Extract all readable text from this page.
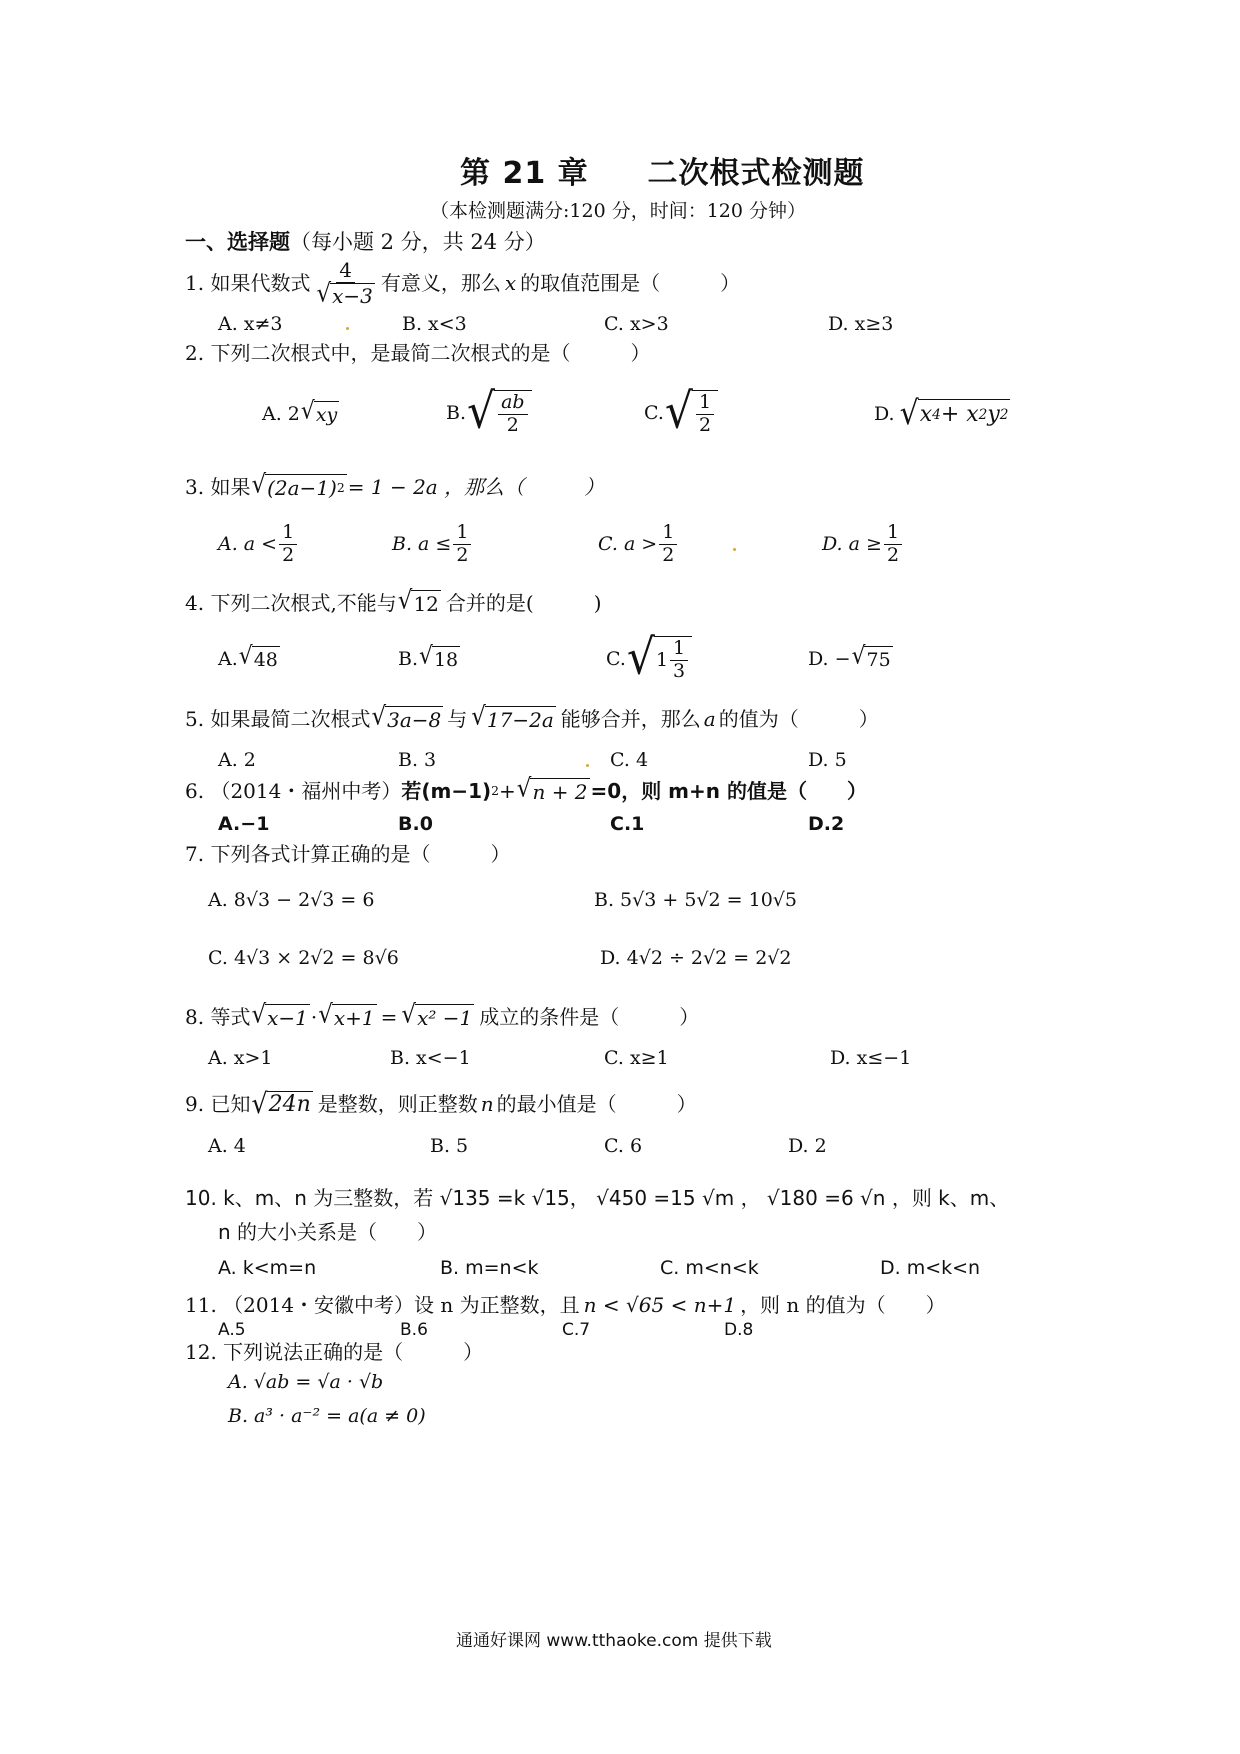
第 21 章 二次根式检测题
（本检测题满分:120 分，时间：120 分钟）
一、选择题（每小题 2 分，共 24 分）
1. 如果代数式 $\frac{4}{√ x-3}$ 有意义，那么 x 的取值范围是（　　　）
A. x≠3	B. x<3	C. x>3	D. x≥3
2. 下列二次根式中，是最简二次根式的是（　　　）
A. 2 √ xy	B. √ $\frac{ab}{2}$	C. √ $\frac{1}{2}$	D. √ x 4 + x 2 y 2
3. 如果 √ (2a−1) 2 = 1 − 2a ，那么（　　　）
A. $a < \frac{1}{2}$	B. $a \le \frac{1}{2}$	C. $a > \frac{1}{2}$	D. $a \ge \frac{1}{2}$
4. 下列二次根式,不能与 √ 12 合并的是(　　　)
A. √ 48	B. √ 18	C. √ $1 \frac{1}{3}$	D. − √ 75
5. 如果最简二次根式 √ 3a−8 与 √ 17−2a 能够合并，那么 a 的值为（　　　）
A. 2	B. 3	C. 4	D. 5
6. （2014・福州中考） 若(m−1) 2 + √ n + 2 =0，则 m+n 的值是（　　）
A.−1	B.0	C.1	D.2
7. 下列各式计算正确的是（　　　）
A. 8√3 − 2√3 = 6	B. 5√3 + 5√2 = 10√5
C. 4√3 × 2√2 = 8√6	D. 4√2 ÷ 2√2 = 2√2
8. 等式 √ x−1 · √ x+1 = √ x² −1 成立的条件是（　　　）
A. x>1	B. x<−1	C. x≥1	D. x≤−1
9. 已知 √ 24n 是整数，则正整数 n 的最小值是（　　　）
A. 4	B. 5	C. 6	D. 2
10. k、m、n 为三整数，若 √135 =k √15， √450 =15 √m ， √180 =6 √n ，则 k、m、
n 的大小关系是（　　）
A. k<m=n	B. m=n<k	C. m<n<k	D. m<k<n
11. （2014・安徽中考）设 n 为正整数，且 n < √65 < n+1 ，则 n 的值为（　　）
A.5	B.6	C.7	D.8
12. 下列说法正确的是（　　　）
A. √ab = √a · √b
B. a³ · a⁻² = a(a ≠ 0)
通通好课网 www.tthaoke.com 提供下载
